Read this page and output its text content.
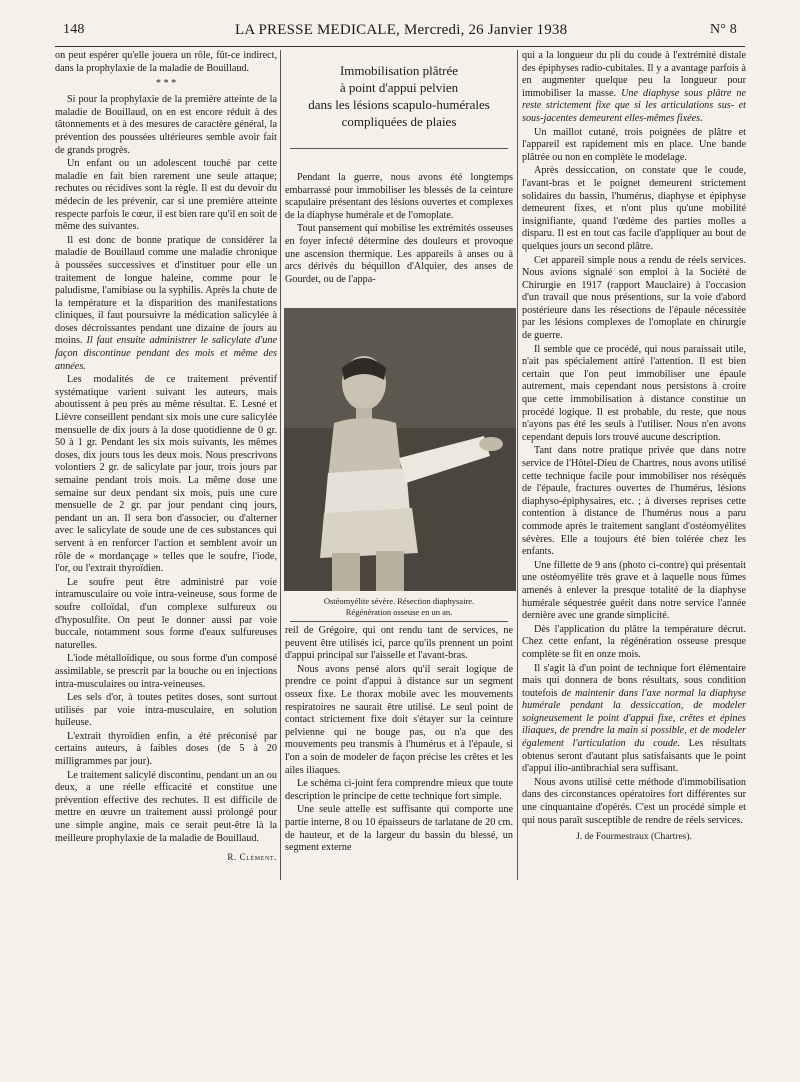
148	LA PRESSE MEDICALE, Mercredi, 26 Janvier 1938	N° 8

on peut espérer qu'elle jouera un rôle, fût-ce indirect, dans la prophylaxie de la maladie de Bouillaud.

* * *

Si pour la prophylaxie de la première atteinte de la maladie de Bouillaud, on en est encore réduit à des tâtonnements et à des mesures de caractère général, la prévention des poussées ultérieures semble avoir fait de grands progrès.

Un enfant ou un adolescent touché par cette maladie en fait bien rarement une seule attaque; rechutes ou récidives sont la règle. Il est du devoir du médecin de les prévenir, car si une première atteinte respecte parfois le cœur, il est bien rare qu'il en soit de même des suivantes.

Il est donc de bonne pratique de considérer la maladie de Bouillaud comme une maladie chronique à poussées successives et d'instituer pour elle un traitement de longue haleine, comme pour le paludisme, l'amibiase ou la syphilis. Après la chute de la température et la disparition des manifestations cliniques, il faut poursuivre la médication salicylée à doses décroissantes pendant une dizaine de jours au moins. Il faut ensuite administrer le salicylate d'une façon discontinue pendant des mois et même des années.

Les modalités de ce traitement préventif systématique varient suivant les auteurs, mais aboutissent à peu près au même résultat. E. Lesné et Lièvre conseillent pendant six mois une cure salicylée mensuelle de dix jours à la dose quotidienne de 0 gr. 50 à 1 gr. Pendant les six mois suivants, les mêmes doses, dix jours tous les deux mois. Nous prescrivons volontiers 2 gr. de salicylate par jour, trois jours par semaine pendant trois mois. La même dose une semaine sur deux pendant six mois, puis une cure mensuelle de 2 gr. par jour pendant cinq jours, pendant un an. Il sera bon d'associer, ou d'alterner avec le salicylate de soude une de ces substances qui servent à en renforcer l'action et semblent avoir un rôle de « mordançage » telles que le soufre, l'iode, l'or, ou l'extrait thyroïdien.

Le soufre peut être administré par voie intramusculaire ou voie intra-veineuse, sous forme de soufre colloïdal, d'un complexe sulfureux ou d'hyposulfite. On peut le donner aussi par voie buccale, notamment sous forme d'eaux sulfureuses naturelles.

L'iode métalloïdique, ou sous forme d'un composé assimilable, se prescrit par la bouche ou en injections intra-musculaires ou intra-veineuses.

Les sels d'or, à toutes petites doses, sont surtout utilisés par voie intra-musculaire, en solution huileuse.

L'extrait thyroïdien enfin, a été préconisé par certains auteurs, à faibles doses (de 5 à 20 milligrammes par jour).

Le traitement salicylé discontinu, pendant un an ou deux, a une réelle efficacité et constitue une prévention effective des rechutes. Il est difficile de mettre en œuvre un traitement aussi prolongé pour une simple angine, mais ce serait peut-être là la meilleure prophylaxie de la maladie de Bouillaud.

R. Clément.
Immobilisation plâtrée
à point d'appui pelvien
dans les lésions scapulo-humérales
compliquées de plaies

Pendant la guerre, nous avons été longtemps embarrassé pour immobiliser les blessés de la ceinture scapulaire présentant des lésions ouvertes et complexes de la diaphyse humérale et de l'omoplate.

Tout pansement qui mobilise les extrémités osseuses en foyer infecté détermine des douleurs et provoque une ascension thermique. Les appareils à anses ou à arcs dérivés du béquillon d'Alquier, des anses de Gourdet, ou de l'appa-

Ostéomyélite sévère. Résection diaphysaire.
Régénération osseuse en un an.

reil de Grégoire, qui ont rendu tant de services, ne peuvent être utilisés ici, parce qu'ils prennent un point d'appui principal sur l'aisselle et l'avant-bras.

Nous avons pensé alors qu'il serait logique de prendre ce point d'appui à distance sur un segment osseux fixe. Le thorax mobile avec les mouvements respiratoires ne saurait être utilisé. Le seul point de contact strictement fixe doit s'étayer sur la ceinture pelvienne qui ne bouge pas, ou n'a que des mouvements peu transmis à l'humérus et à l'épaule, si l'on a soin de modeler de façon précise les crêtes et les ailes iliaques.

Le schéma ci-joint fera comprendre mieux que toute description le principe de cette technique fort simple.

Une seule attelle est suffisante qui comporte une partie interne, 8 ou 10 épaisseurs de tarlatane de 20 cm. de hauteur, et de la largeur du bassin du blessé, un segment externe

qui a la longueur du pli du coude à l'extrémité distale des épiphyses radio-cubitales. Il y a avantage parfois à en augmenter quelque peu la longueur pour immobiliser la masse. Une diaphyse sous plâtre ne reste strictement fixe que si les articulations sus- et sous-jacentes demeurent elles-mêmes fixées.

Un maillot cutané, trois poignées de plâtre et l'appareil est rapidement mis en place. Une bande plâtrée ou non en complète le modelage.

Après dessiccation, on constate que le coude, l'avant-bras et le poignet demeurent strictement solidaires du bassin, l'humérus, diaphyse et épiphyse demeurent fixes, et n'ont plus qu'une mobilité insignifiante, quand l'œdème des parties molles a disparu. Il est en tout cas facile d'appliquer au bout de quelques jours un second plâtre.

Cet appareil simple nous a rendu de réels services. Nous avions signalé son emploi à la Société de Chirurgie en 1917 (rapport Mauclaire) à l'occasion d'un travail que nous présentions, sur la voie d'abord postérieure dans les résections de l'épaule nécessitée par les lésions complexes de l'omoplate en chirurgie de guerre.

Il semble que ce procédé, qui nous paraissait utile, n'ait pas spécialement attiré l'attention. Il est bien certain que l'on peut immobiliser une épaule autrement, mais cependant nous persistons à croire que cette immobilisation à distance constitue un procédé logique. Il est probable, du reste, que nous n'ayons pas été les seuls à l'utiliser. Nous n'en avons cependant depuis lors trouvé aucune description.

Tant dans notre pratique privée que dans notre service de l'Hôtel-Dieu de Chartres, nous avons utilisé cette technique facile pour immobiliser nos résèqués de l'épaule, fractures ouvertes de l'humérus, lésions diaphyso-épiphysaires, etc. ; à diverses reprises cette contention à distance de l'humérus nous a paru commode après le traitement sanglant d'ostéomyélites sévères. Elle a toujours été bien tolérée chez les enfants.

Une fillette de 9 ans (photo ci-contre) qui présentait une ostéomyélite très grave et à laquelle nous fûmes amenés à enlever la presque totalité de la diaphyse humérale séquestrée guérit dans notre service l'année dernière avec une grande simplicité.

Dès l'application du plâtre la température décrut. Chez cette enfant, la régénération osseuse presque complète se fit en onze mois.

Il s'agit là d'un point de technique fort élémentaire mais qui donnera de bons résultats, sous condition toutefois de maintenir dans l'axe normal la diaphyse humérale pendant la dessiccation, de modeler soigneusement le point d'appui fixe, crêtes et épines iliaques, de prendre la main si possible, et de modeler également l'articulation du coude. Les résultats obtenus seront d'autant plus satisfaisants que le point d'appui ilio-antibrachial sera suffisant.

Nous avons utilisé cette méthode d'immobilisation dans des circonstances opératoires fort différentes sur une cinquantaine d'opérés. C'est un procédé simple et qui nous paraît susceptible de rendre de réels services.

J. de Fourmestraux (Chartres).
